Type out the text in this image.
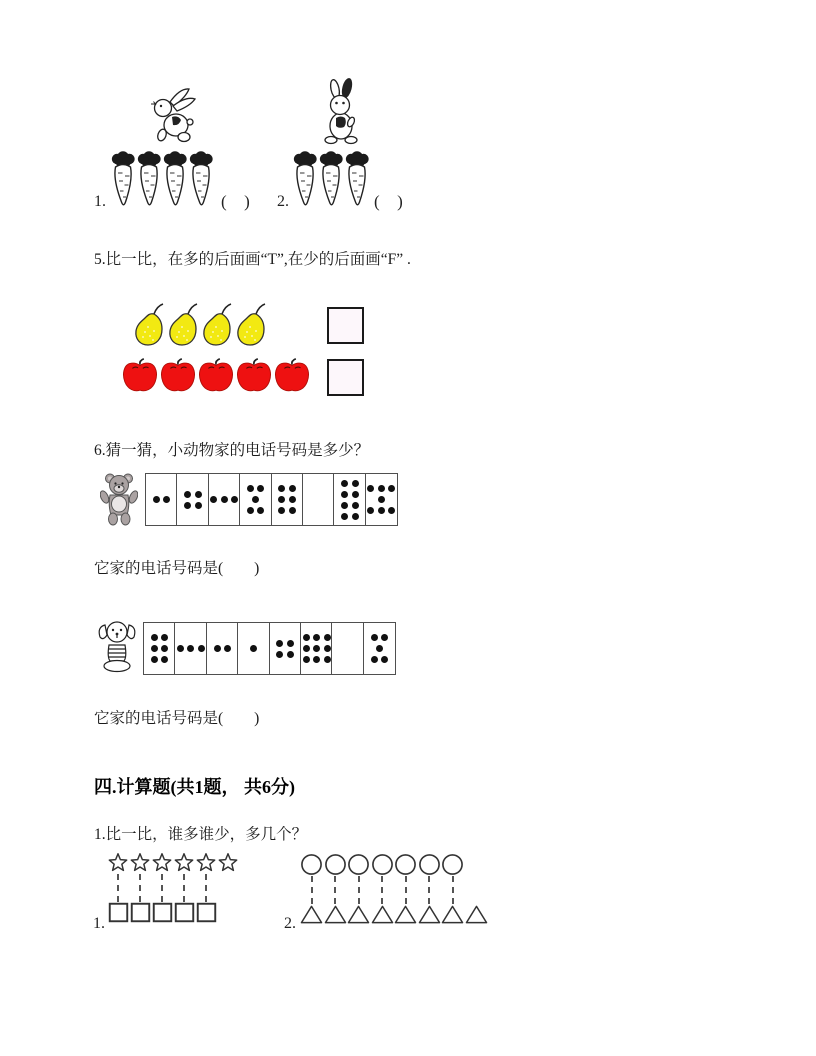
1.	(  ) 2.	(  )
5.比一比，在多的后面画“T”,在少的后面画“F” .
6.猜一猜，小动物家的电话号码是多少？
它家的电话号码是(        )
它家的电话号码是(        )
四.计算题(共1题， 共6分)
1.比一比，谁多谁少，多几个？
1.	2.
